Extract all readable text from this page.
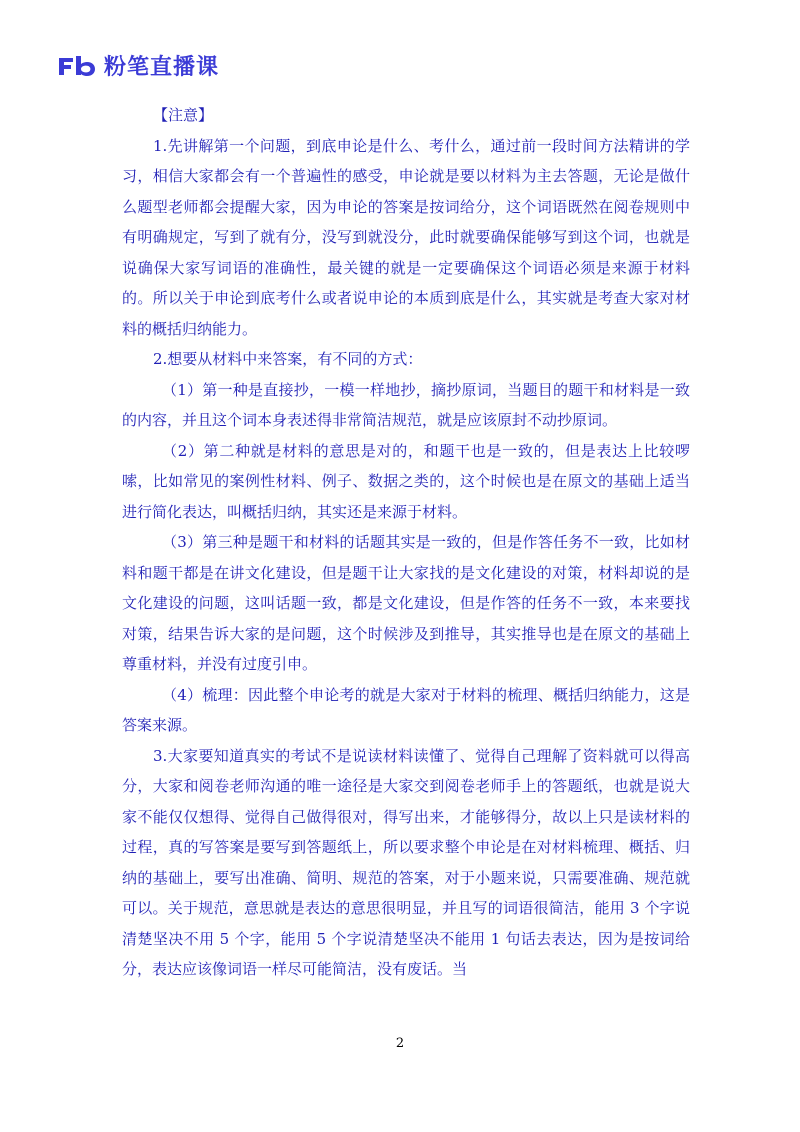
粉笔直播课

【注意】

1.先讲解第一个问题，到底申论是什么、考什么，通过前一段时间方法精讲的学习，相信大家都会有一个普遍性的感受，申论就是要以材料为主去答题，无论是做什么题型老师都会提醒大家，因为申论的答案是按词给分，这个词语既然在阅卷规则中有明确规定，写到了就有分，没写到就没分，此时就要确保能够写到这个词，也就是说确保大家写词语的准确性，最关键的就是一定要确保这个词语必须是来源于材料的。所以关于申论到底考什么或者说申论的本质到底是什么，其实就是考查大家对材料的概括归纳能力。

2.想要从材料中来答案，有不同的方式：

（1）第一种是直接抄，一模一样地抄，摘抄原词，当题目的题干和材料是一致的内容，并且这个词本身表述得非常简洁规范，就是应该原封不动抄原词。

（2）第二种就是材料的意思是对的，和题干也是一致的，但是表达上比较啰嗦，比如常见的案例性材料、例子、数据之类的，这个时候也是在原文的基础上适当进行简化表达，叫概括归纳，其实还是来源于材料。

（3）第三种是题干和材料的话题其实是一致的，但是作答任务不一致，比如材料和题干都是在讲文化建设，但是题干让大家找的是文化建设的对策，材料却说的是文化建设的问题，这叫话题一致，都是文化建设，但是作答的任务不一致，本来要找对策，结果告诉大家的是问题，这个时候涉及到推导，其实推导也是在原文的基础上尊重材料，并没有过度引申。

（4）梳理：因此整个申论考的就是大家对于材料的梳理、概括归纳能力，这是答案来源。

3.大家要知道真实的考试不是说读材料读懂了、觉得自己理解了资料就可以得高分，大家和阅卷老师沟通的唯一途径是大家交到阅卷老师手上的答题纸，也就是说大家不能仅仅想得、觉得自己做得很对，得写出来，才能够得分，故以上只是读材料的过程，真的写答案是要写到答题纸上，所以要求整个申论是在对材料梳理、概括、归纳的基础上，要写出准确、简明、规范的答案，对于小题来说，只需要准确、规范就可以。关于规范，意思就是表达的意思很明显，并且写的词语很简洁，能用 3 个字说清楚坚决不用 5 个字，能用 5 个字说清楚坚决不能用 1 句话去表达，因为是按词给分，表达应该像词语一样尽可能简洁，没有废话。当

2
